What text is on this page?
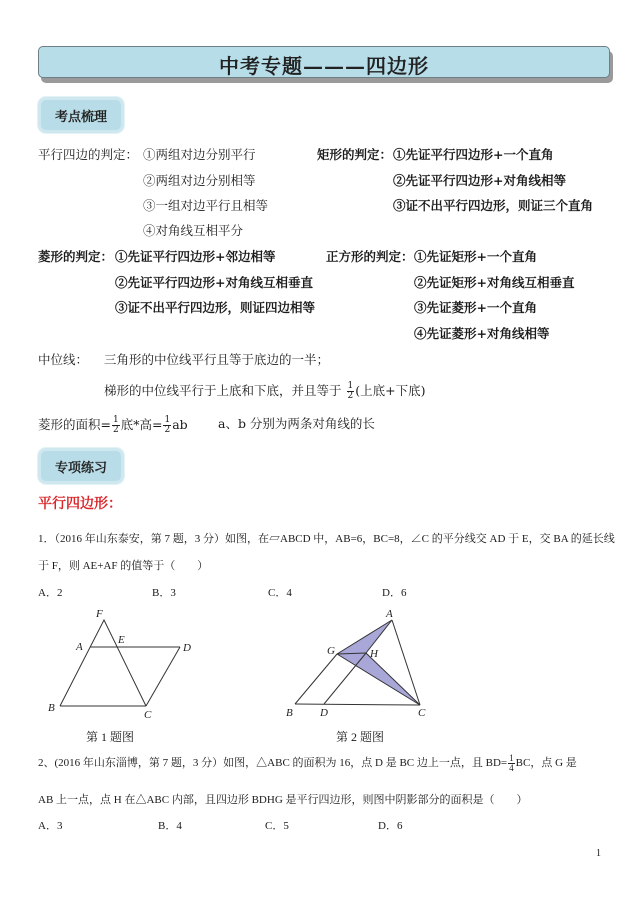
中考专题———四边形
考点梳理
平行四边的判定： ①两组对边分别平行
②两组对边分别相等
③一组对边平行且相等
④对角线互相平分
矩形的判定： ①先证平行四边形+一个直角
②先证平行四边形+对角线相等
③证不出平行四边形，则证三个直角
菱形的判定： ①先证平行四边形+邻边相等
②先证平行四边形+对角线互相垂直
③证不出平行四边形，则证四边相等
正方形的判定： ①先证矩形+一个直角
②先证矩形+对角线互相垂直
③先证菱形+一个直角
④先证菱形+对角线相等
中位线： 三角形的中位线平行且等于底边的一半；
梯形的中位线平行于上底和下底，并且等于 $\frac{1}{2}$ (上底+下底)
菱形的面积= $\frac{1}{2}$ 底*高= $\frac{1}{2}$ ab a、b 分别为两条对角线的长
专项练习
平行四边形：
1．（2016 年山东泰安，第 7 题，3 分）如图，在▱ABCD 中，AB=6，BC=8，∠C 的平分线交 AD 于 E，交 BA 的延长线
于 F，则 AE+AF 的值等于（　　）
A．2	B．3	C．4	D．6
F
A
E
D
B
C
第 1 题图
A
G	H
B D	C
第 2 题图
2、(2016 年山东淄博，第 7 题，3 分）如图，△ABC 的面积为 16，点 D 是 BC 边上一点，且 $BD= \frac{1}{4}$ BC，点 G 是
AB 上一点，点 H 在△ABC 内部，且四边形 BDHG 是平行四边形，则图中阴影部分的面积是（　　）
A．3	B．4	C．5	D．6
1
